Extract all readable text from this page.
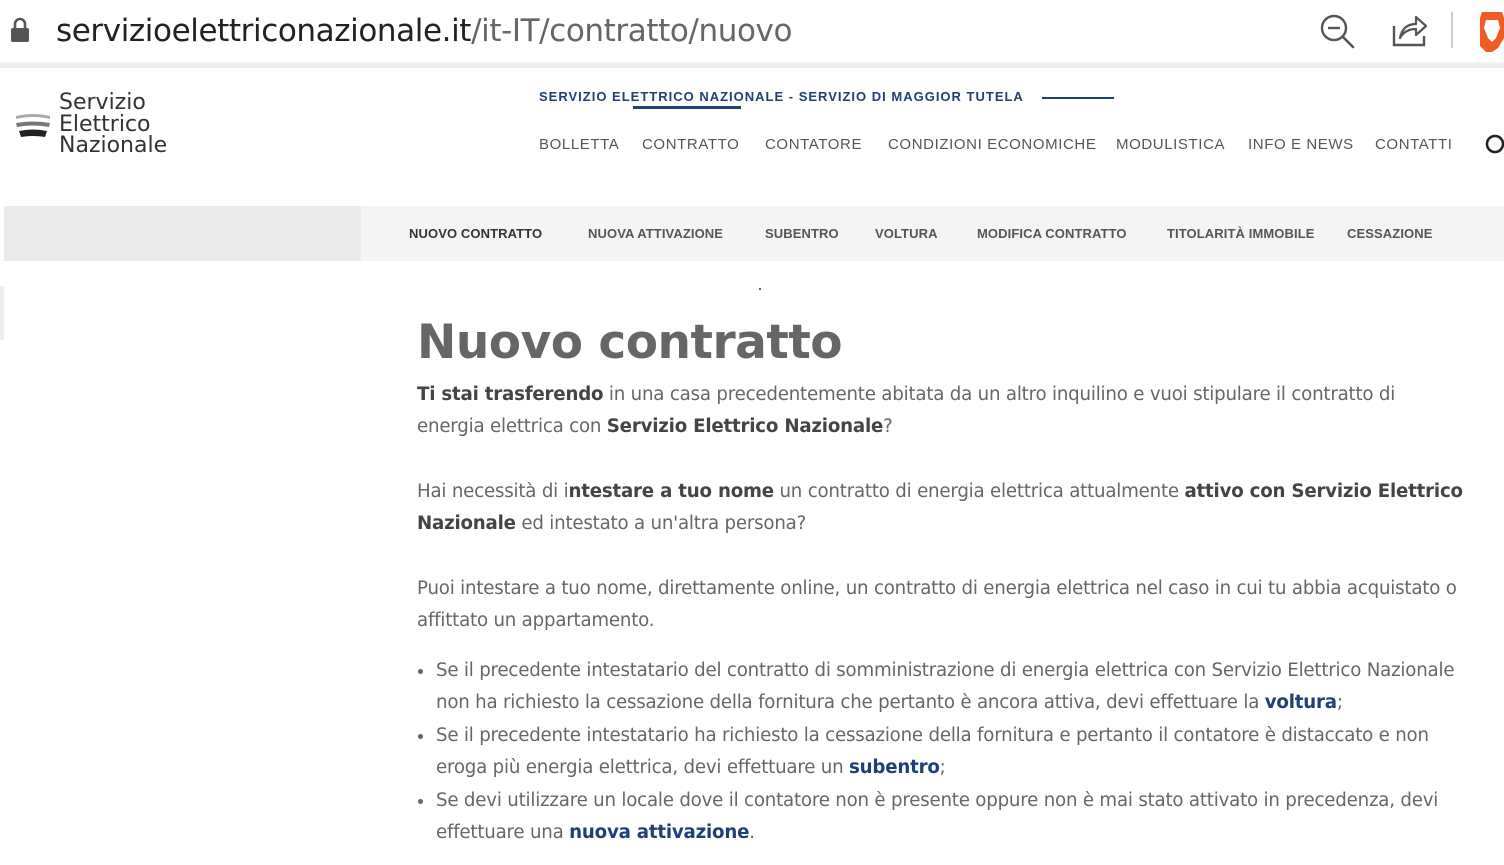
servizioelettriconazionale.it/it-IT/contratto/nuovo
Servizio
Elettrico
Nazionale
SERVIZIO ELETTRICO NAZIONALE - SERVIZIO DI MAGGIOR TUTELA
BOLLETTA CONTRATTO CONTATORE CONDIZIONI ECONOMICHE MODULISTICA INFO E NEWS CONTATTI
NUOVO CONTRATTO	NUOVA ATTIVAZIONE	SUBENTRO	VOLTURA	MODIFICA CONTRATTO	TITOLARITÀ IMMOBILE CESSAZIONE
Nuovo contratto

Ti stai trasferendo in una casa precedentemente abitata da un altro inquilino e vuoi stipulare il contratto di energia elettrica con Servizio Elettrico Nazionale?

Hai necessità di intestare a tuo nome un contratto di energia elettrica attualmente attivo con Servizio Elettrico Nazionale ed intestato a un'altra persona?

Puoi intestare a tuo nome, direttamente online, un contratto di energia elettrica nel caso in cui tu abbia acquistato o affittato un appartamento.

Se il precedente intestatario del contratto di somministrazione di energia elettrica con Servizio Elettrico Nazionale non ha richiesto la cessazione della fornitura che pertanto è ancora attiva, devi effettuare la voltura;
Se il precedente intestatario ha richiesto la cessazione della fornitura e pertanto il contatore è distaccato e non eroga più energia elettrica, devi effettuare un subentro;
Se devi utilizzare un locale dove il contatore non è presente oppure non è mai stato attivato in precedenza, devi effettuare una nuova attivazione.
